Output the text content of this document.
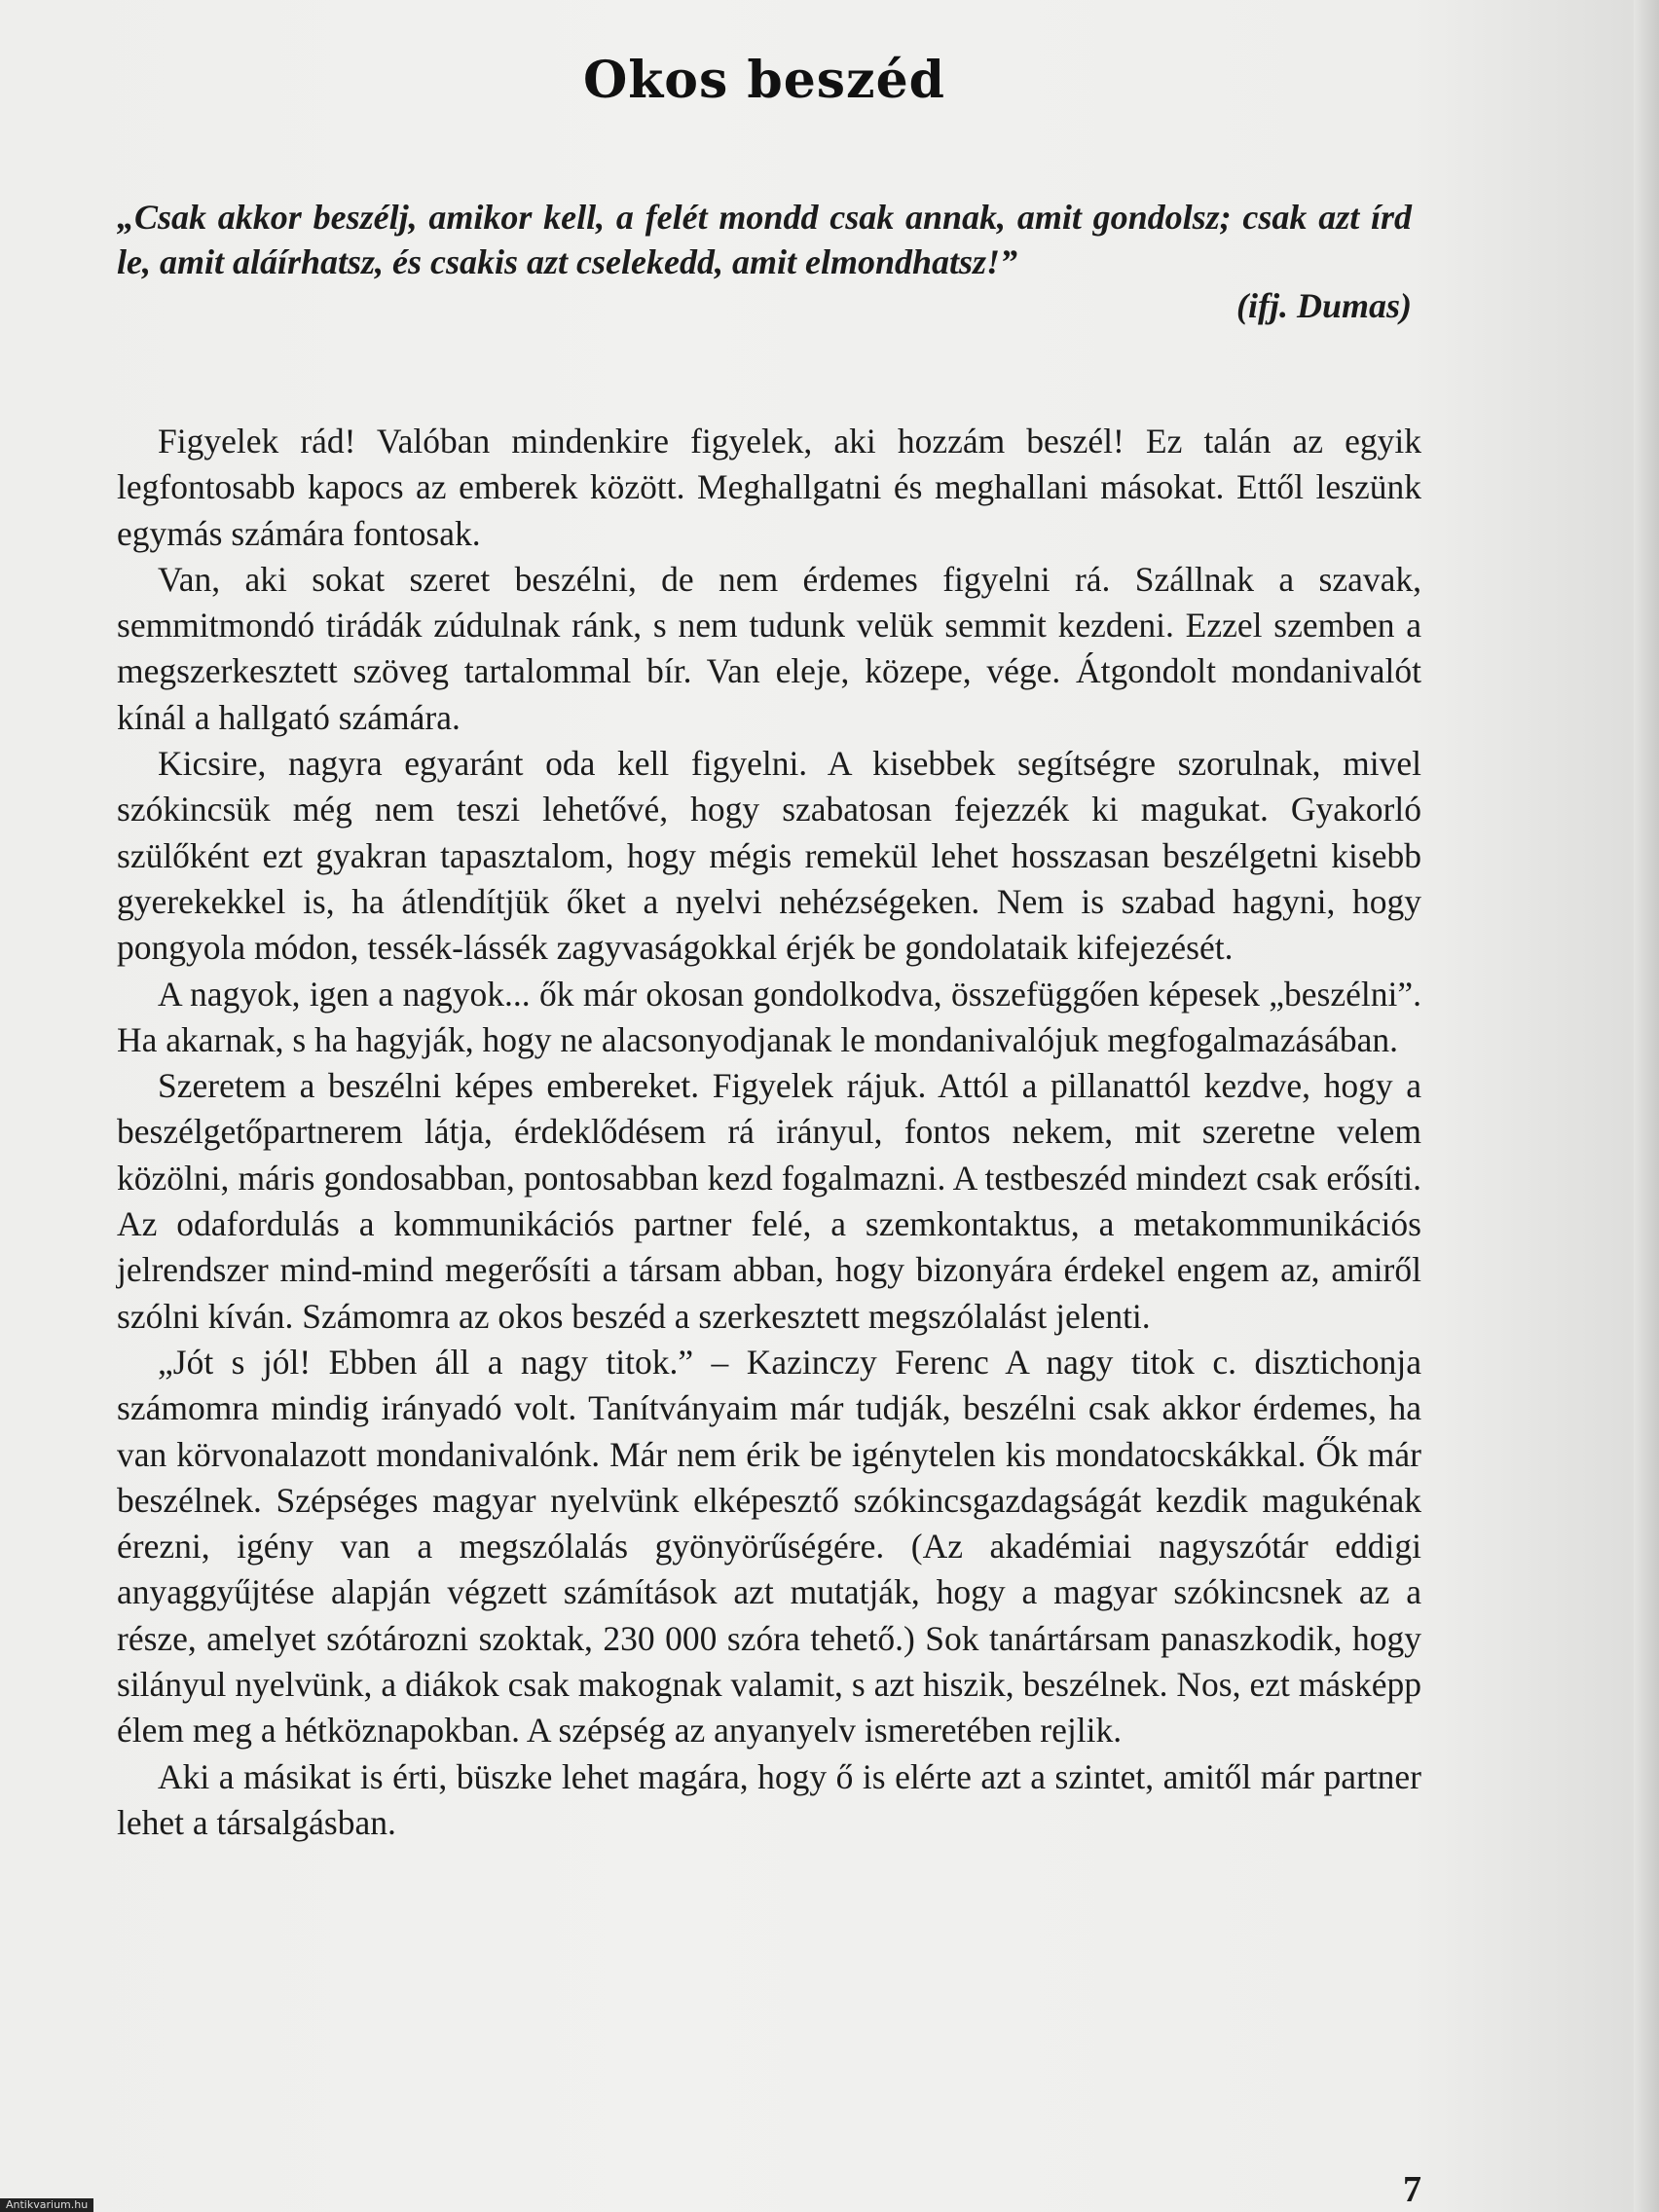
Okos beszéd
„Csak akkor beszélj, amikor kell, a felét mondd csak annak, amit gondolsz; csak azt írd le, amit aláírhatsz, és csakis azt cselekedd, amit elmondhatsz!”
(ifj. Dumas)

Figyelek rád! Valóban mindenkire figyelek, aki hozzám beszél! Ez talán az egyik legfontosabb kapocs az emberek között. Meghallgatni és meghallani másokat. Ettől leszünk egymás számára fontosak.

Van, aki sokat szeret beszélni, de nem érdemes figyelni rá. Szállnak a szavak, semmitmondó tirádák zúdulnak ránk, s nem tudunk velük semmit kezdeni. Ezzel szemben a megszerkesztett szöveg tartalommal bír. Van eleje, közepe, vége. Átgondolt mondanivalót kínál a hallgató számára.

Kicsire, nagyra egyaránt oda kell figyelni. A kisebbek segítségre szorulnak, mivel szókincsük még nem teszi lehetővé, hogy szabatosan fejezzék ki magukat. Gyakorló szülőként ezt gyakran tapasztalom, hogy mégis remekül lehet hosszasan beszélgetni kisebb gyerekekkel is, ha átlendítjük őket a nyelvi nehézségeken. Nem is szabad hagyni, hogy pongyola módon, tessék-lássék zagyvaságokkal érjék be gondolataik kifejezését.

A nagyok, igen a nagyok... ők már okosan gondolkodva, összefüggően képesek „beszélni”. Ha akarnak, s ha hagyják, hogy ne alacsonyodjanak le mondanivalójuk megfogalmazásában.

Szeretem a beszélni képes embereket. Figyelek rájuk. Attól a pillanattól kezdve, hogy a beszélgetőpartnerem látja, érdeklődésem rá irányul, fontos nekem, mit szeretne velem közölni, máris gondosabban, pontosabban kezd fogalmazni. A testbeszéd mindezt csak erősíti. Az odafordulás a kommunikációs partner felé, a szemkontaktus, a metakommunikációs jelrendszer mind-mind megerősíti a társam abban, hogy bizonyára érdekel engem az, amiről szólni kíván. Számomra az okos beszéd a szerkesztett megszólalást jelenti.

„Jót s jól! Ebben áll a nagy titok.” – Kazinczy Ferenc A nagy titok c. disztichonja számomra mindig irányadó volt. Tanítványaim már tudják, beszélni csak akkor érdemes, ha van körvonalazott mondanivalónk. Már nem érik be igénytelen kis mondatocskákkal. Ők már beszélnek. Szépséges magyar nyelvünk elképesztő szókincsgazdagságát kezdik magukénak érezni, igény van a megszólalás gyönyörűségére. (Az akadémiai nagyszótár eddigi anyaggyűjtése alapján végzett számítások azt mutatják, hogy a magyar szókincsnek az a része, amelyet szótározni szoktak, 230 000 szóra tehető.) Sok tanártársam panaszkodik, hogy silányul nyelvünk, a diákok csak makognak valamit, s azt hiszik, beszélnek. Nos, ezt másképp élem meg a hétköznapokban. A szépség az anyanyelv ismeretében rejlik.

Aki a másikat is érti, büszke lehet magára, hogy ő is elérte azt a szintet, amitől már partner lehet a társalgásban.

7
Antikvarium.hu
